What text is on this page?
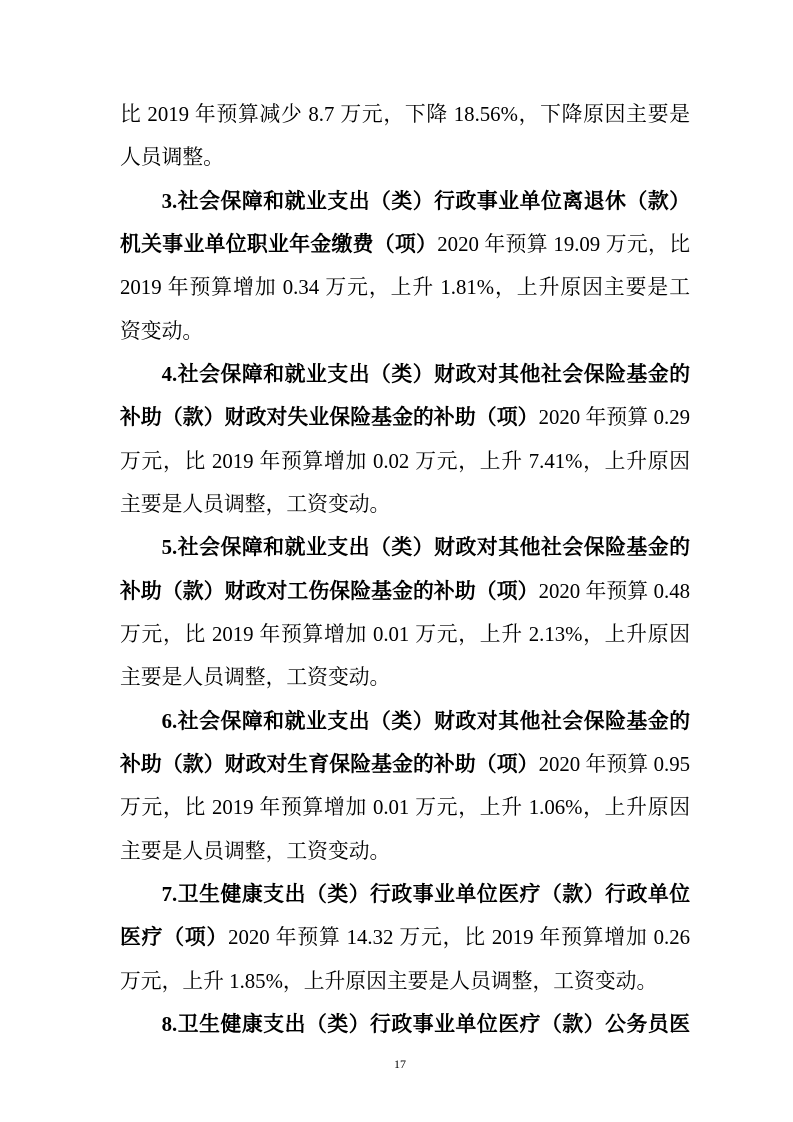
比 2019 年预算减少 8.7 万元，下降 18.56%，下降原因主要是
人员调整。
3.社会保障和就业支出（类）行政事业单位离退休（款）
机关事业单位职业年金缴费（项）2020 年预算 19.09 万元，比
2019 年预算增加 0.34 万元，上升 1.81%，上升原因主要是工
资变动。
4.社会保障和就业支出（类）财政对其他社会保险基金的
补助（款）财政对失业保险基金的补助（项）2020 年预算 0.29
万元，比 2019 年预算增加 0.02 万元，上升 7.41%，上升原因
主要是人员调整，工资变动。
5.社会保障和就业支出（类）财政对其他社会保险基金的
补助（款）财政对工伤保险基金的补助（项）2020 年预算 0.48
万元，比 2019 年预算增加 0.01 万元，上升 2.13%，上升原因
主要是人员调整，工资变动。
6.社会保障和就业支出（类）财政对其他社会保险基金的
补助（款）财政对生育保险基金的补助（项）2020 年预算 0.95
万元，比 2019 年预算增加 0.01 万元，上升 1.06%，上升原因
主要是人员调整，工资变动。
7.卫生健康支出（类）行政事业单位医疗（款）行政单位
医疗（项）2020 年预算 14.32 万元，比 2019 年预算增加 0.26
万元，上升 1.85%，上升原因主要是人员调整，工资变动。
8.卫生健康支出（类）行政事业单位医疗（款）公务员医
17
